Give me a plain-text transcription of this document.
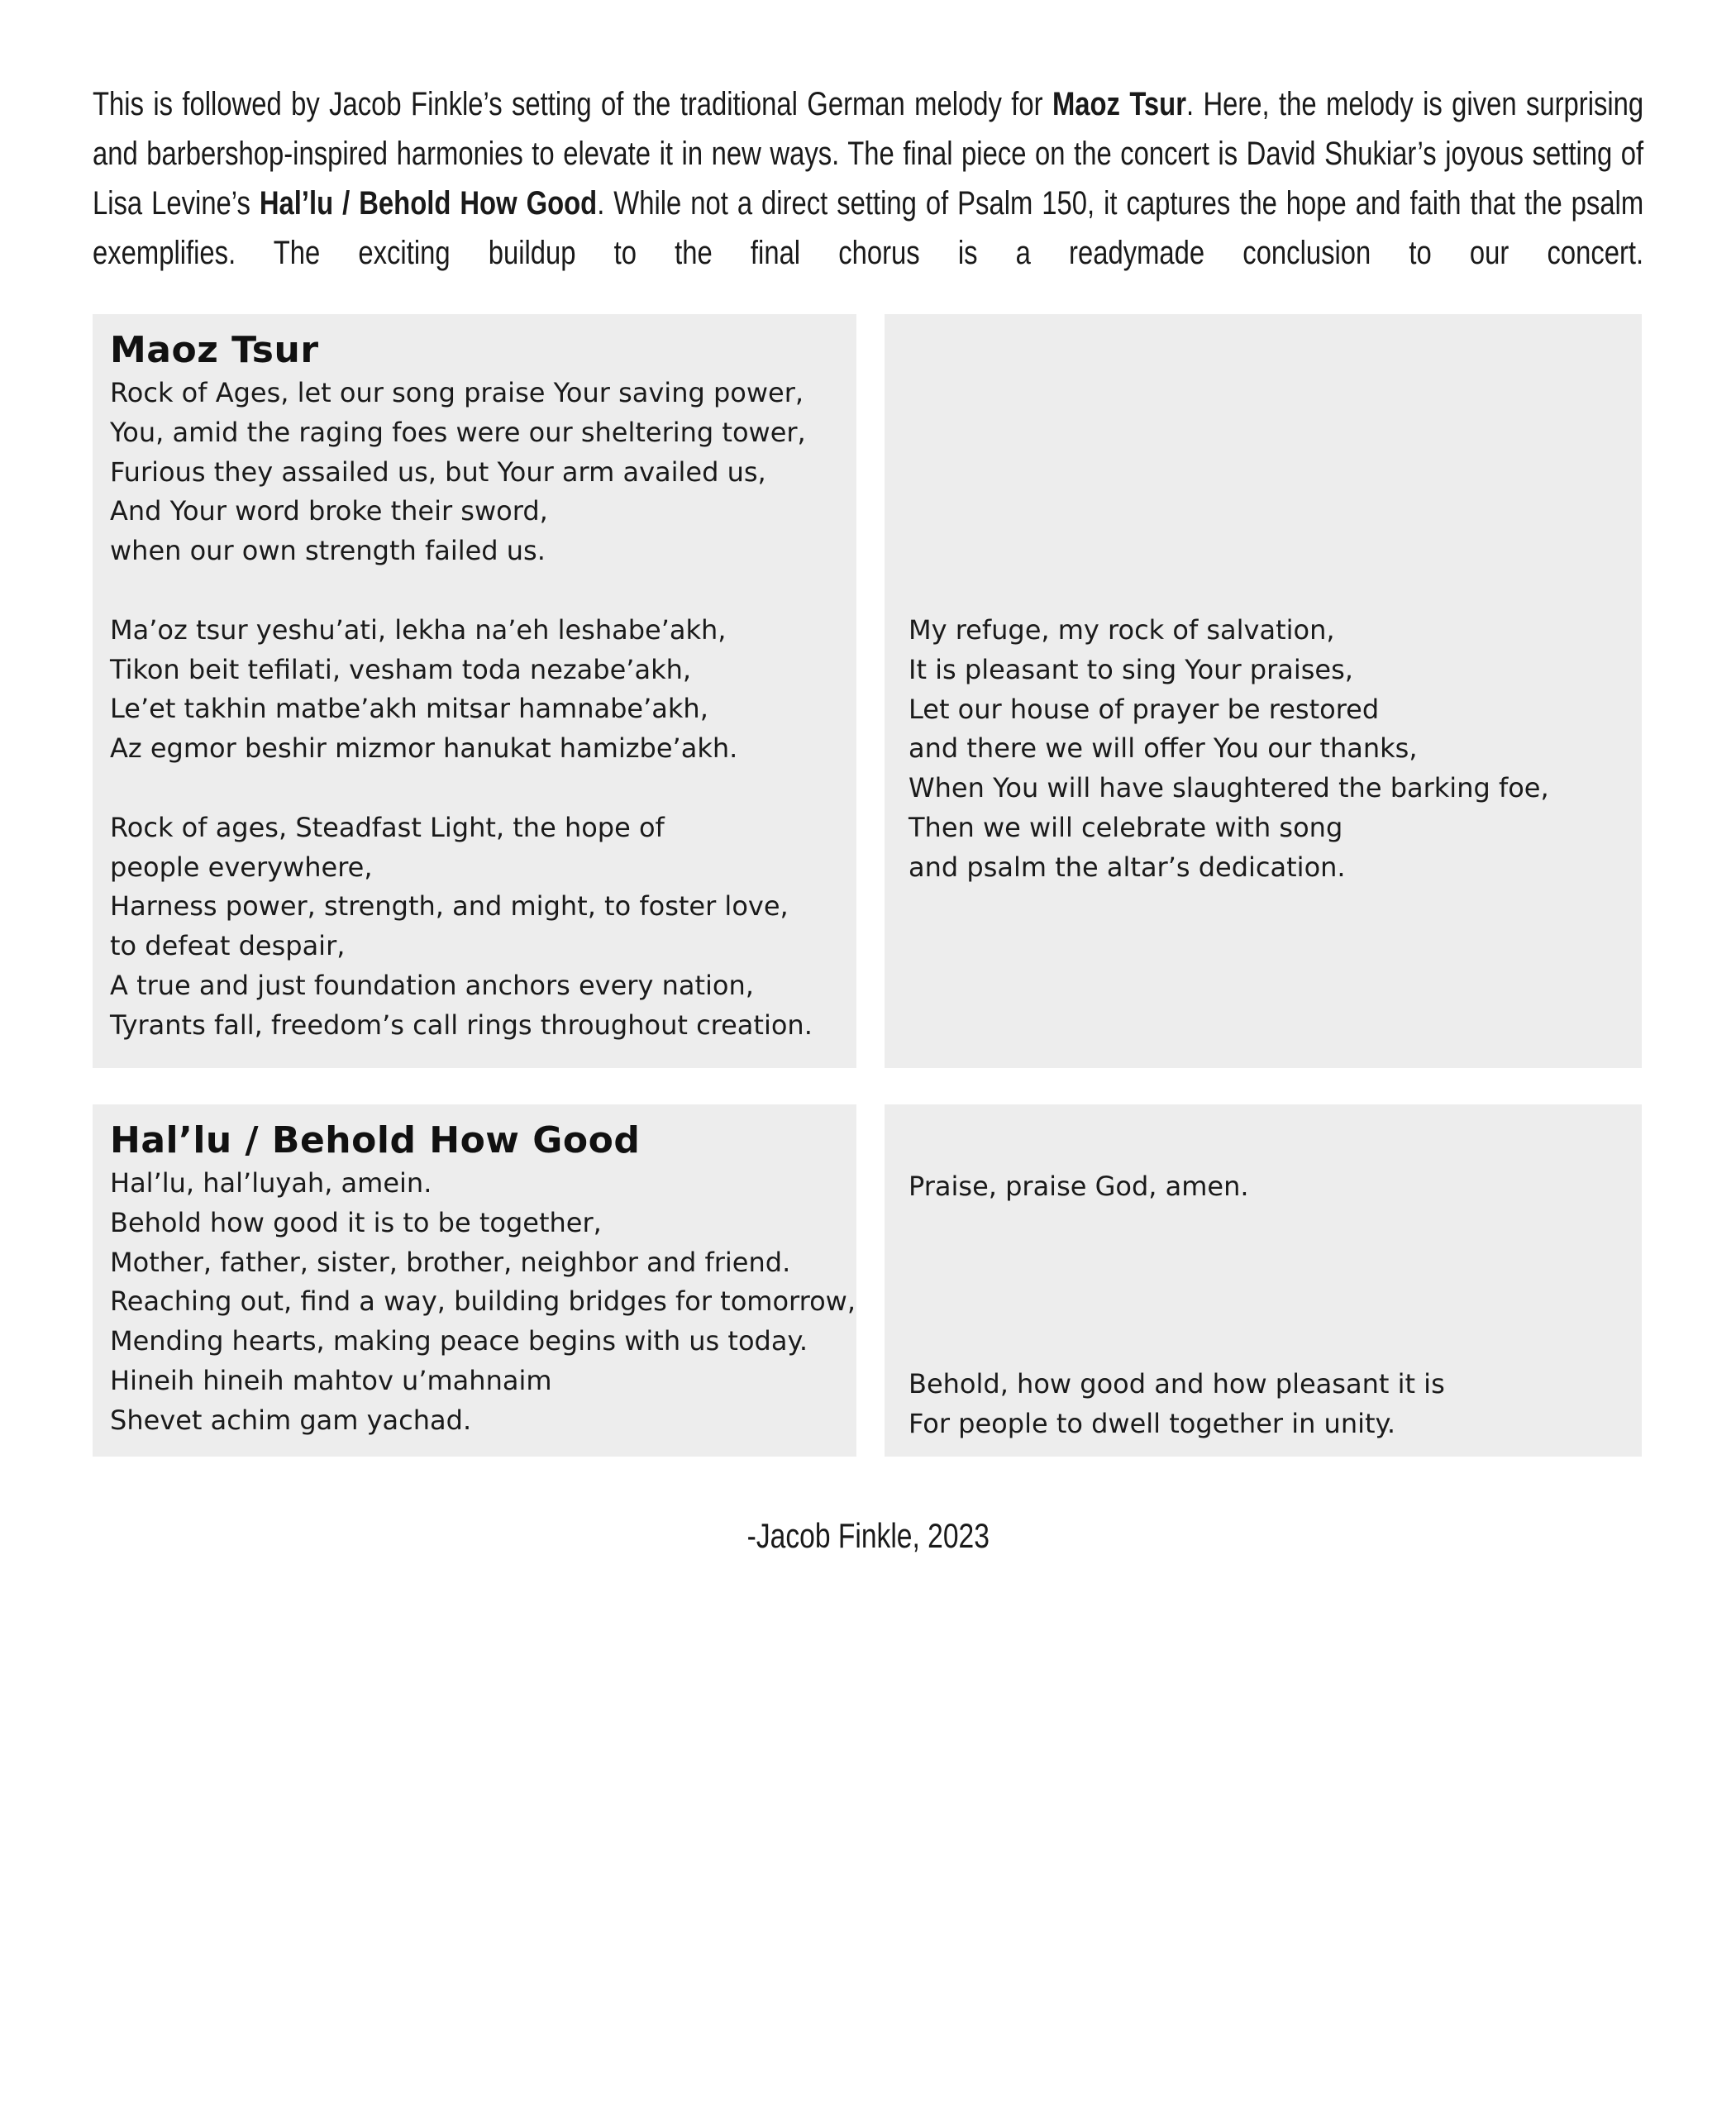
This is followed by Jacob Finkle’s setting of the traditional German melody for Maoz Tsur. Here, the melody is given surprising and barbershop-inspired harmonies to elevate it in new ways. The final piece on the concert is David Shukiar’s joyous setting of Lisa Levine’s Hal’lu / Behold How Good. While not a direct setting of Psalm 150, it captures the hope and faith that the psalm exemplifies. The exciting buildup to the final chorus is a readymade conclusion to our concert.

Maoz Tsur
Rock of Ages, let our song praise Your saving power,
You, amid the raging foes were our sheltering tower,
Furious they assailed us, but Your arm availed us,
And Your word broke their sword,
when our own strength failed us.
Ma’oz tsur yeshu’ati, lekha na’eh leshabe’akh,
Tikon beit tefilati, vesham toda nezabe’akh,
Le’et takhin matbe’akh mitsar hamnabe’akh,
Az egmor beshir mizmor hanukat hamizbe’akh.
Rock of ages, Steadfast Light, the hope of
people everywhere,
Harness power, strength, and might, to foster love,
to defeat despair,
A true and just foundation anchors every nation,
Tyrants fall, freedom’s call rings throughout creation.
My refuge, my rock of salvation,
It is pleasant to sing Your praises,
Let our house of prayer be restored
and there we will offer You our thanks,
When You will have slaughtered the barking foe,
Then we will celebrate with song
and psalm the altar’s dedication.
Hal’lu / Behold How Good
Hal’lu, hal’luyah, amein.
Behold how good it is to be together,
Mother, father, sister, brother, neighbor and friend.
Reaching out, find a way, building bridges for tomorrow,
Mending hearts, making peace begins with us today.
Hineih hineih mahtov u’mahnaim
Shevet achim gam yachad.
Praise, praise God, amen.
Behold, how good and how pleasant it is
For people to dwell together in unity.
-Jacob Finkle, 2023
